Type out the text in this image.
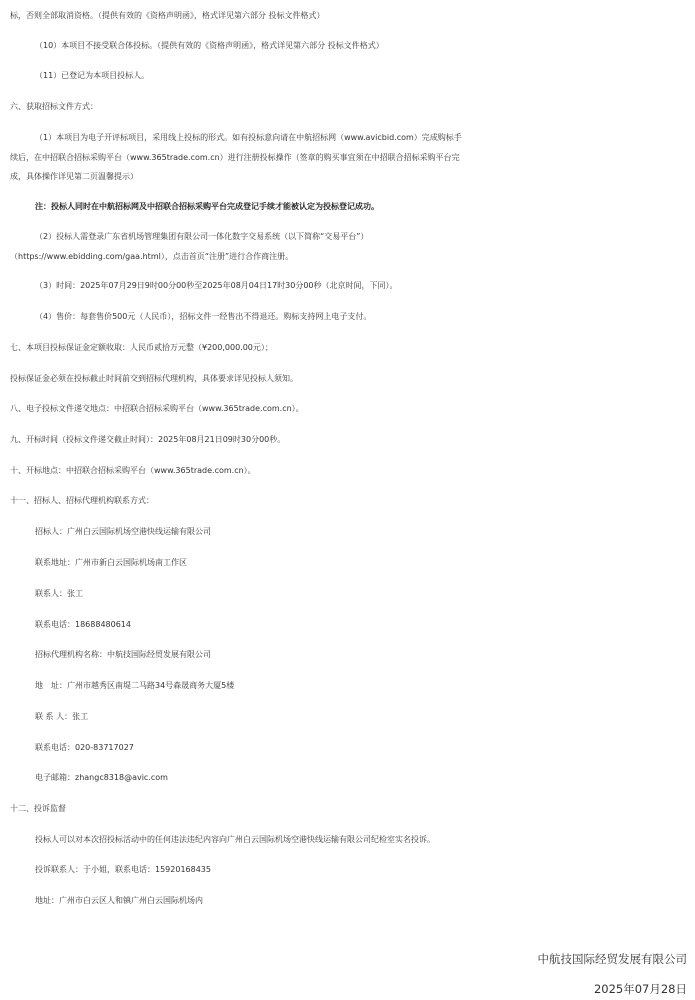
标，否则全部取消资格。（提供有效的《资格声明函》，格式详见第六部分 投标文件格式）
（10）本项目不接受联合体投标。（提供有效的《资格声明函》，格式详见第六部分 投标文件格式）
（11）已登记为本项目投标人。
六、获取招标文件方式：
（1）本项目为电子开评标项目，采用线上投标的形式。如有投标意向请在中航招标网（www.avicbid.com）完成购标手
续后，在中招联合招标采购平台（www.365trade.com.cn）进行注册投标操作（签章的购买事宜须在中招联合招标采购平台完
成，具体操作详见第二页温馨提示）
注：投标人同时在中航招标网及中招联合招标采购平台完成登记手续才能被认定为投标登记成功。
（2）投标人需登录广东省机场管理集团有限公司一体化数字交易系统（以下简称“交易平台”）
（https://www.ebidding.com/gaa.html），点击首页“注册”进行合作商注册。
（3）时间：2025年07月29日9时00分00秒至2025年08月04日17时30分00秒（北京时间，下同）。
（4）售价：每套售价500元（人民币），招标文件一经售出不得退还。购标支持网上电子支付。
七、本项目投标保证金定额收取：人民币贰拾万元整（¥200,000.00元）；
投标保证金必须在投标截止时间前交到招标代理机构，具体要求详见投标人须知。
八、电子投标文件递交地点：中招联合招标采购平台（www.365trade.com.cn）。
九、开标时间（投标文件递交截止时间）：2025年08月21日09时30分00秒。
十、开标地点：中招联合招标采购平台（www.365trade.com.cn）。
十一、招标人、招标代理机构联系方式：
招标人：广州白云国际机场空港快线运输有限公司
联系地址：广州市新白云国际机场南工作区
联系人：张工
联系电话：18688480614
招标代理机构名称：中航技国际经贸发展有限公司
地　址：广州市越秀区南堤二马路34号森晟商务大厦5楼
联 系 人：张工
联系电话：020-83717027
电子邮箱：zhangc8318@avic.com
十二、投诉监督
投标人可以对本次招投标活动中的任何违法违纪内容向广州白云国际机场空港快线运输有限公司纪检室实名投诉。
投诉联系人：于小姐，联系电话：15920168435
地址：广州市白云区人和镇广州白云国际机场内
中航技国际经贸发展有限公司
2025年07月28日
